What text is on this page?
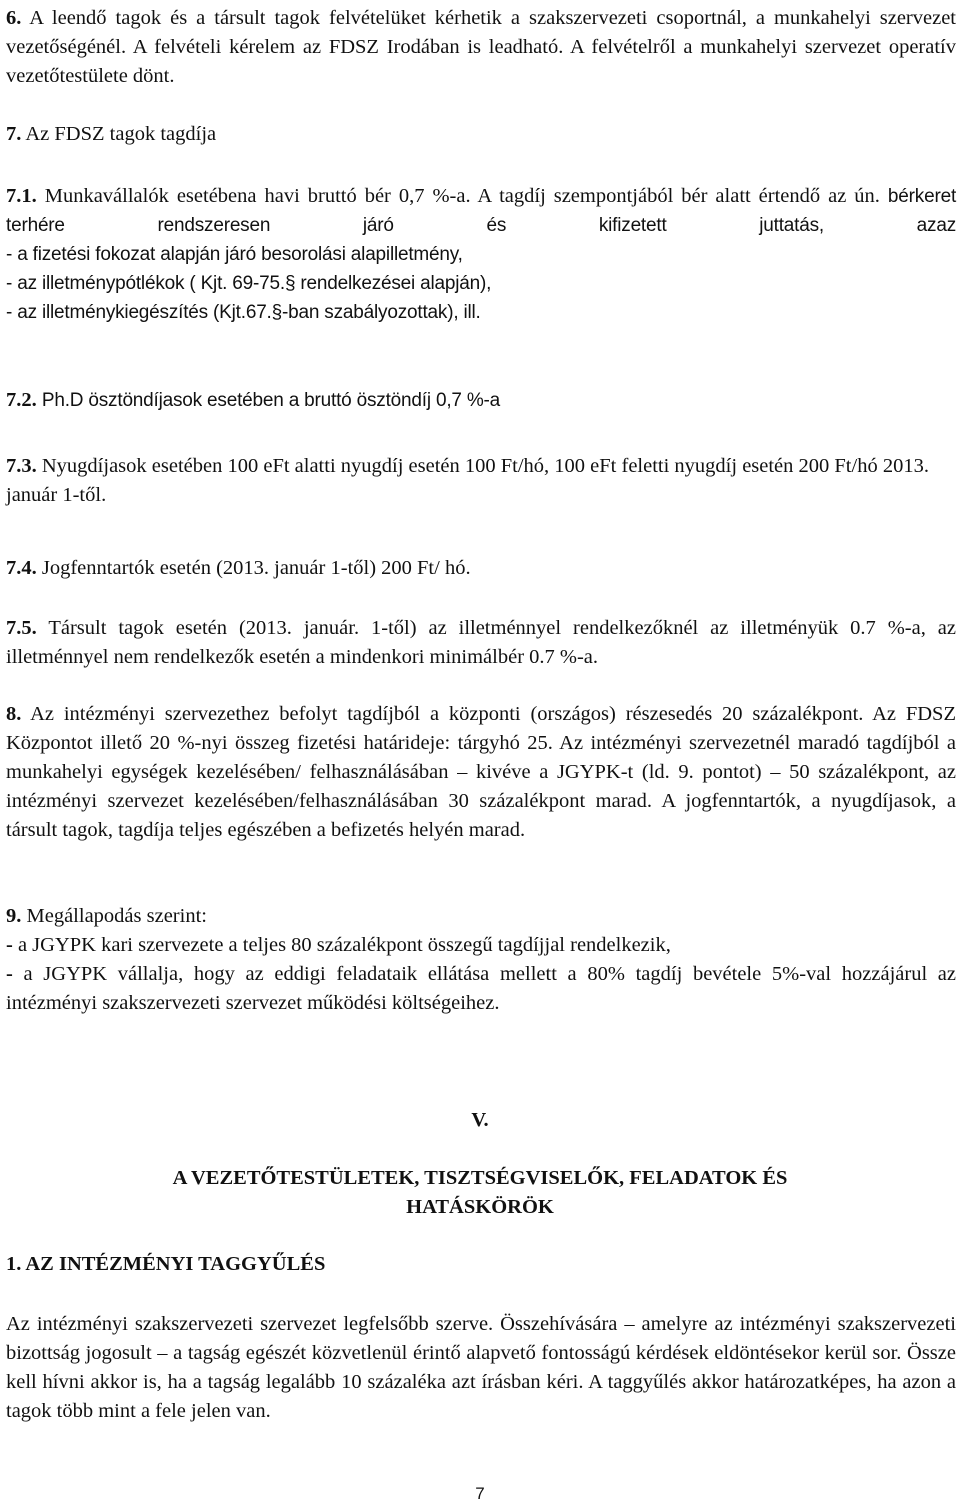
6. A leendő tagok és a társult tagok felvételüket kérhetik a szakszervezeti csoportnál, a munkahelyi szervezet vezetőségénél. A felvételi kérelem az FDSZ Irodában is leadható. A felvételről a munkahelyi szervezet operatív vezetőtestülete dönt.

7. Az FDSZ tagok tagdíja

7.1. Munkavállalók esetében a havi bruttó bér 0,7 %-a. A tagdíj szempontjából bér alatt értendő az ún. bérkeret terhére rendszeresen járó és kifizetett juttatás, azaz
- a fizetési fokozat alapján járó besorolási alapilletmény,
- az illetménypótlékok ( Kjt. 69-75.§ rendelkezései alapján),
- az illetménykiegészítés (Kjt.67.§-ban szabályozottak), ill.

7.2. Ph.D ösztöndíjasok esetében a bruttó ösztöndíj 0,7 %-a

7.3. Nyugdíjasok esetében 100 eFt alatti nyugdíj esetén 100 Ft/hó, 100 eFt feletti nyugdíj esetén 200 Ft/hó 2013. január 1-től.

7.4. Jogfenntartók esetén (2013. január 1-től) 200 Ft/ hó.

7.5. Társult tagok esetén (2013. január. 1-től) az illetménnyel rendelkezőknél az illetményük 0.7 %-a, az illetménnyel nem rendelkezők esetén a mindenkori minimálbér 0.7 %-a.

8. Az intézményi szervezethez befolyt tagdíjból a központi (országos) részesedés 20 százalékpont. Az FDSZ Központot illető 20 %-nyi összeg fizetési határideje: tárgyhó 25. Az intézményi szervezetnél maradó tagdíjból a munkahelyi egységek kezelésében/ felhasználásában – kivéve a JGYPK-t (ld. 9. pontot) – 50 százalékpont, az intézményi szervezet kezelésében/felhasználásában 30 százalékpont marad. A jogfenntartók, a nyugdíjasok, a társult tagok, tagdíja teljes egészében a befizetés helyén marad.

9. Megállapodás szerint:
- a JGYPK kari szervezete a teljes 80 százalékpont összegű tagdíjjal rendelkezik,
- a JGYPK vállalja, hogy az eddigi feladataik ellátása mellett a 80% tagdíj bevétele 5%-val hozzájárul az intézményi szakszervezeti szervezet működési költségeihez.

V.

A VEZETŐTESTÜLETEK, TISZTSÉGVISELŐK, FELADATOK ÉS

HATÁSKÖRÖK

1. AZ INTÉZMÉNYI TAGGYŰLÉS

Az intézményi szakszervezeti szervezet legfelsőbb szerve. Összehívására – amelyre az intézményi szakszervezeti bizottság jogosult – a tagság egészét közvetlenül érintő alapvető fontosságú kérdések eldöntésekor kerül sor. Össze kell hívni akkor is, ha a tagság legalább 10 százaléka azt írásban kéri. A taggyűlés akkor határozatképes, ha azon a tagok több mint a fele jelen van.

7
